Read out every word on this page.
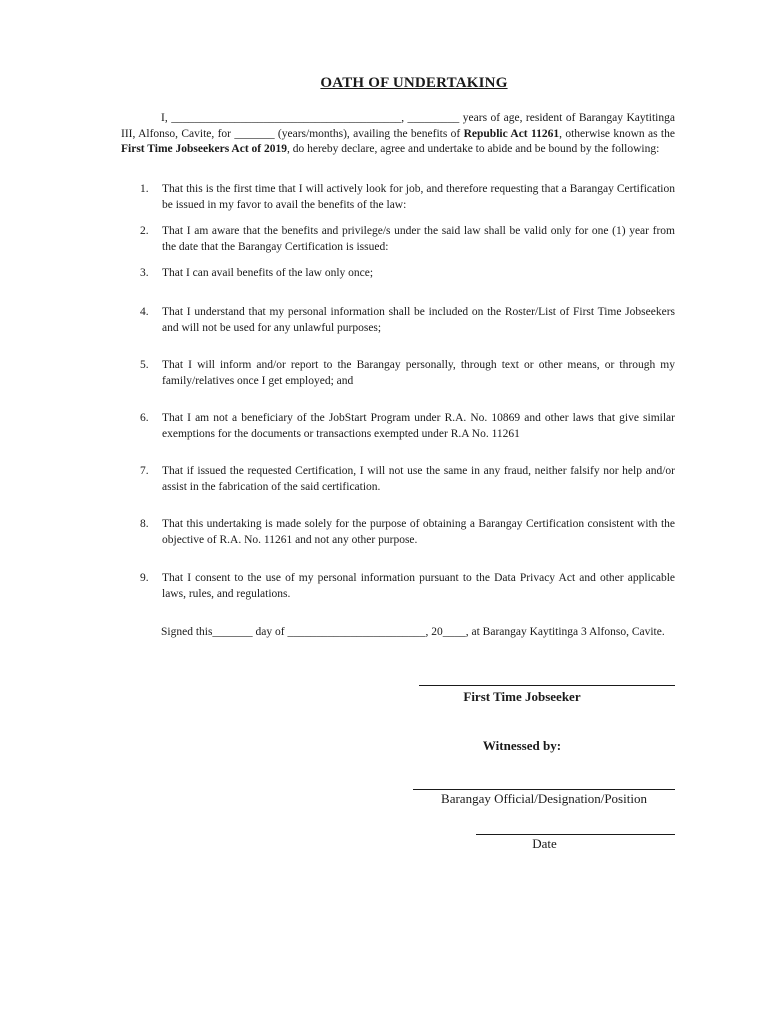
OATH OF UNDERTAKING
I, ________________________________________, _________ years of age, resident of Barangay Kaytitinga III, Alfonso, Cavite, for _______ (years/months), availing the benefits of Republic Act 11261, otherwise known as the First Time Jobseekers Act of 2019, do hereby declare, agree and undertake to abide and be bound by the following:
1.	That this is the first time that I will actively look for job, and therefore requesting that a Barangay Certification be issued in my favor to avail the benefits of the law:
2.	That I am aware that the benefits and privilege/s under the said law shall be valid only for one (1) year from the date that the Barangay Certification is issued:
3.	That I can avail benefits of the law only once;
4.	That I understand that my personal information shall be included on the Roster/List of First Time Jobseekers and will not be used for any unlawful purposes;
5.	That I will inform and/or report to the Barangay personally, through text or other means, or through my family/relatives once I get employed; and
6.	That I am not a beneficiary of the JobStart Program under R.A. No. 10869 and other laws that give similar exemptions for the documents or transactions exempted under R.A No. 11261
7.	That if issued the requested Certification, I will not use the same in any fraud, neither falsify nor help and/or assist in the fabrication of the said certification.
8.	That this undertaking is made solely for the purpose of obtaining a Barangay Certification consistent with the objective of R.A. No. 11261 and not any other purpose.
9.	That I consent to the use of my personal information pursuant to the Data Privacy Act and other applicable laws, rules, and regulations.
Signed this_______ day of ________________________, 20____, at Barangay Kaytitinga 3 Alfonso, Cavite.
First Time Jobseeker
Witnessed by:
Barangay Official/Designation/Position
Date
